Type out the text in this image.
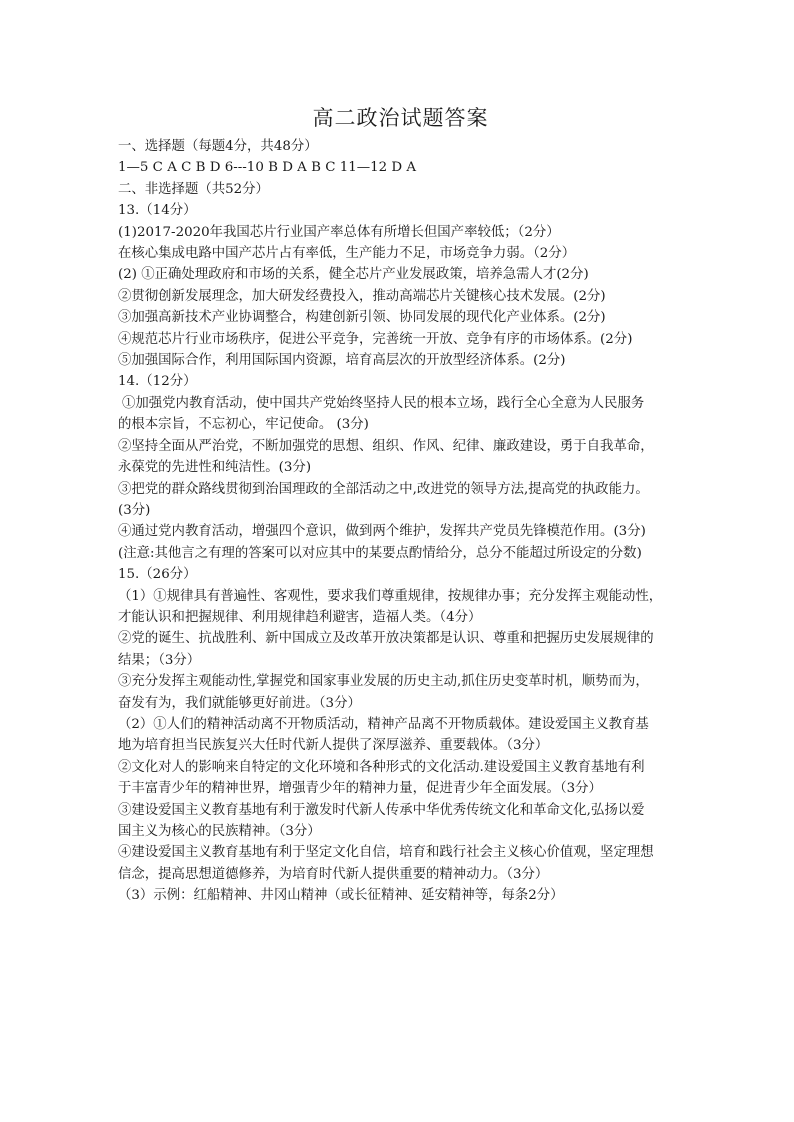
高二政治试题答案
一、选择题（每题4分，共48分）
1—5 C A C B D 6---10 B D A B C 11—12 D A
二、非选择题（共52分）
13.（14分）
(1)2017-2020年我国芯片行业国产率总体有所增长但国产率较低；（2分）
在核心集成电路中国产芯片占有率低，生产能力不足，市场竞争力弱。（2分）
(2) ①正确处理政府和市场的关系，健全芯片产业发展政策，培养急需人才(2分)
②贯彻创新发展理念，加大研发经费投入，推动高端芯片关键核心技术发展。(2分)
③加强高新技术产业协调整合，构建创新引领、协同发展的现代化产业体系。(2分)
④规范芯片行业市场秩序，促进公平竞争，完善统一开放、竞争有序的市场体系。(2分)
⑤加强国际合作，利用国际国内资源，培育高层次的开放型经济体系。(2分)
14.（12分）
①加强党内教育活动，使中国共产党始终坚持人民的根本立场，践行全心全意为人民服务
的根本宗旨，不忘初心，牢记使命。 (3分)
②坚持全面从严治党，不断加强党的思想、组织、作风、纪律、廉政建设，勇于自我革命，
永葆党的先进性和纯洁性。(3分)
③把党的群众路线贯彻到治国理政的全部活动之中,改进党的领导方法,提高党的执政能力。
(3分)
④通过党内教育活动，增强四个意识，做到两个维护，发挥共产党员先锋模范作用。(3分)
(注意:其他言之有理的答案可以对应其中的某要点酌情给分，总分不能超过所设定的分数)
15.（26分）
（1）①规律具有普遍性、客观性，要求我们尊重规律，按规律办事；充分发挥主观能动性，
才能认识和把握规律、利用规律趋利避害，造福人类。（4分）
②党的诞生、抗战胜利、新中国成立及改革开放决策都是认识、尊重和把握历史发展规律的
结果；（3分）
③充分发挥主观能动性,掌握党和国家事业发展的历史主动,抓住历史变革时机，顺势而为，
奋发有为，我们就能够更好前进。（3分）
（2）①人们的精神活动离不开物质活动，精神产品离不开物质载体。建设爱国主义教育基
地为培育担当民族复兴大任时代新人提供了深厚滋养、重要载体。（3分）
②文化对人的影响来自特定的文化环境和各种形式的文化活动.建设爱国主义教育基地有利
于丰富青少年的精神世界，增强青少年的精神力量，促进青少年全面发展。（3分）
③建设爱国主义教育基地有利于激发时代新人传承中华优秀传统文化和革命文化,弘扬以爱
国主义为核心的民族精神。（3分）
④建设爱国主义教育基地有利于坚定文化自信，培育和践行社会主义核心价值观，坚定理想
信念，提高思想道德修养，为培育时代新人提供重要的精神动力。（3分）
（3）示例：红船精神、井冈山精神（或长征精神、延安精神等，每条2分）
